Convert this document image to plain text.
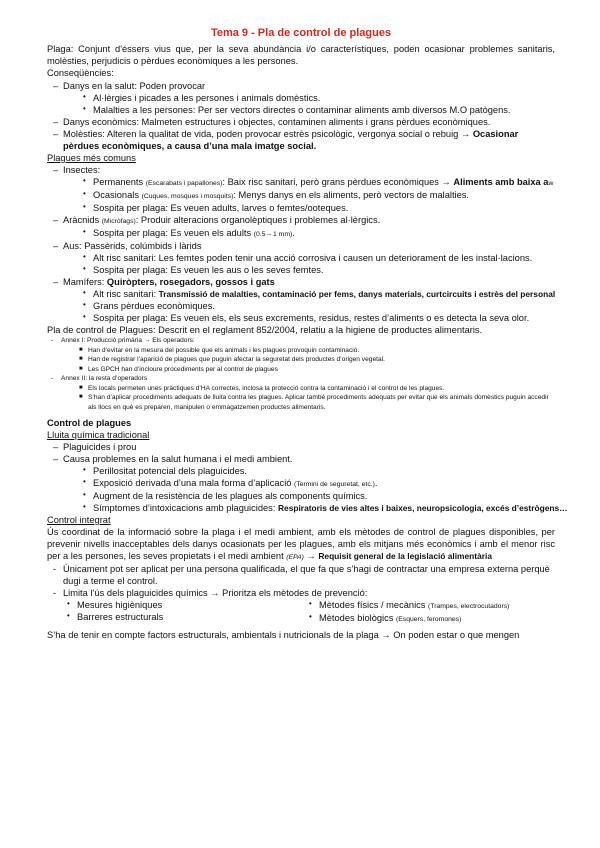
Tema 9 - Pla de control de plagues

Plaga: Conjunt d'éssers vius que, per la seva abundància i/o característiques, poden ocasionar problemes sanitaris, molèsties, perjudicis o pèrdues econòmiques a les persones.

Conseqüències:

– Danys en la salut: Poden provocar
• Al·lèrgies i picades a les persones i animals domèstics.
• Malalties a les persones: Per ser vectors directes o contaminar aliments amb diversos M.O patògens.
– Danys econòmics: Malmeten estructures i objectes, contaminen aliments i grans pèrdues econòmiques.
– Molèsties: Alteren la qualitat de vida, poden provocar estrès psicològic, vergonya social o rebuig → Ocasionar pèrdues econòmiques, a causa d’una mala imatge social.

Plagues més comuns

– Insectes:
• Permanents (Escarabats i papallones): Baix risc sanitari, però grans pèrdues econòmiques → Aliments amb baixa aw
• Ocasionals (Cuques, mosques i mosquits): Menys danys en els aliments, però vectors de malalties.
• Sospita per plaga: Es veuen adults, larves o femtes/ooteques.
– Aràcnids (Micròfags): Produir alteracions organolèptiques i problemes al·lèrgics.
• Sospita per plaga: Es veuen els adults (0.5 – 1 mm).
– Aus: Passèrids, colúmbids i làrids
• Alt risc sanitari: Les femtes poden tenir una acció corrosiva i causen un deteriorament de les instal·lacions.
• Sospita per plaga: Es veuen les aus o les seves femtes.
– Mamífers: Quiròpters, rosegadors, gossos i gats
• Alt risc sanitari: Transmissió de malalties, contaminació per fems, danys materials, curtcircuits i estrès del personal
• Grans pèrdues econòmiques.
• Sospita per plaga: Es veuen els, els seus excrements, residus, restes d’aliments o es detecta la seva olor.

Pla de control de Plagues: Descrit en el reglament 852/2004, relatiu a la higiene de productes alimentaris.

- Annex I: Producció primària → Els operadors:
■ Han d’evitar en la mesura del possible que els animals i les plagues provoquin contaminació.
■ Han de registrar l’aparició de plagues que puguin afectar la seguretat dels productes d’origen vegetal.
■ Les GPCH han d’incloure procediments per al control de plagues
- Annex II: la resta d’operadors
■ Els locals permeten unes pràctiques d’HA correctes, inclosa la protecció contra la contaminació i el control de les plagues.
■ S’han d’aplicar procediments adequats de lluita contra les plagues. Aplicar també procediments adequats per evitar que els animals domèstics puguin accedir als llocs en què es preparen, manipulen o emmagatzemen productes alimentaris.

Control de plagues

Lluita química tradicional

– Plaguicides i prou
– Causa problemes en la salut humana i el medi ambient.
• Perillositat potencial dels plaguicides.
• Exposició derivada d’una mala forma d’aplicació (Termini de seguretat, etc.).
• Augment de la resistència de les plagues als components químics.
• Símptomes d’intoxicacions amb plaguicides: Respiratoris de vies altes i baixes, neuropsicologia, excés d’estrògens…

Control integrat

Ús coordinat de la informació sobre la plaga i el medi ambient, amb els mètodes de control de plagues disponibles, per prevenir nivells inacceptables dels danys ocasionats per les plagues, amb els mitjans més econòmics i amb el menor risc per a les persones, les seves propietats i el medi ambient (EPA) → Requisit general de la legislació alimentària

- Únicament pot ser aplicat per una persona qualificada, el que fa que s’hagi de contractar una empresa externa perquè dugi a terme el control.
- Limita l’ús dels plaguicides químics → Prioritza els mètodes de prevenció:
• Mesures higièniques
• Barreres estructurals
• Mètodes físics / mecànics (Trampes, electrocutadors)
• Mètodes biològics (Esquers, feromones)

S’ha de tenir en compte factors estructurals, ambientals i nutricionals de la plaga → On poden estar o que mengen
